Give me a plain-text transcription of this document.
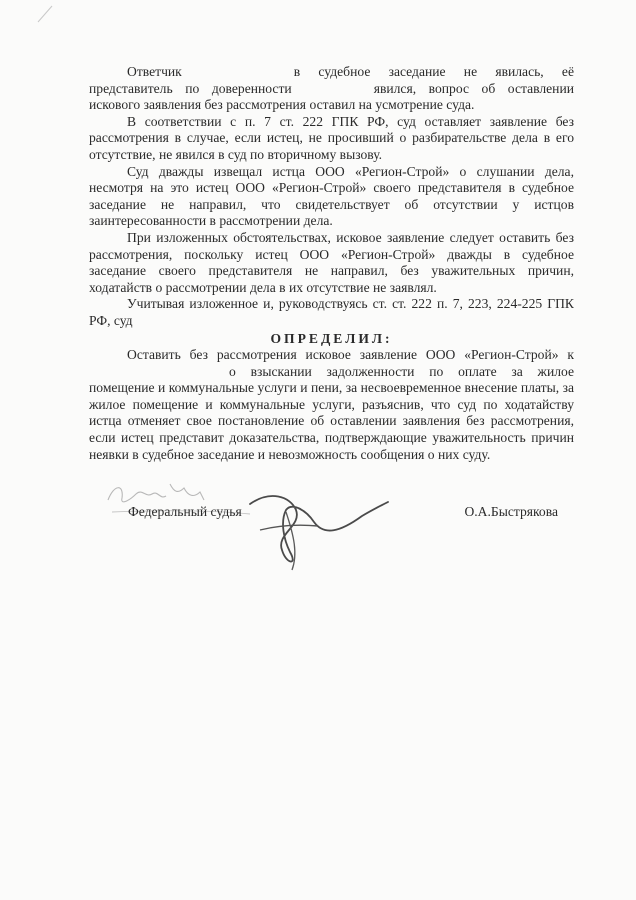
Ответчик	в судебное заседание не явилась, её представитель по доверенности	явился, вопрос об оставлении искового заявления без рассмотрения оставил на усмотрение суда.

В соответствии с п. 7 ст. 222 ГПК РФ, суд оставляет заявление без рассмотрения в случае, если истец, не просивший о разбирательстве дела в его отсутствие, не явился в суд по вторичному вызову.

Суд дважды извещал истца ООО «Регион-Строй» о слушании дела, несмотря на это истец ООО «Регион-Строй» своего представителя в судебное заседание не направил, что свидетельствует об отсутствии у истцов заинтересованности в рассмотрении дела.

При изложенных обстоятельствах, исковое заявление следует оставить без рассмотрения, поскольку истец ООО «Регион-Строй» дважды в судебное заседание своего представителя не направил, без уважительных причин, ходатайств о рассмотрении дела в их отсутствие не заявлял.

Учитывая изложенное и, руководствуясь ст. ст. 222 п. 7, 223, 224-225 ГПК РФ, суд

ОПРЕДЕЛИЛ:

Оставить без рассмотрения исковое заявление ООО «Регион-Строй» ко взыскании задолженности по оплате за жилое помещение и коммунальные услуги и пени, за несвоевременное внесение платы, за жилое помещение и коммунальные услуги, разъяснив, что суд по ходатайству истца отменяет свое постановление об оставлении заявления без рассмотрения, если истец представит доказательства, подтверждающие уважительность причин неявки в судебное заседание и невозможность сообщения о них суду.

Федеральный судья	О.А.Быстрякова
